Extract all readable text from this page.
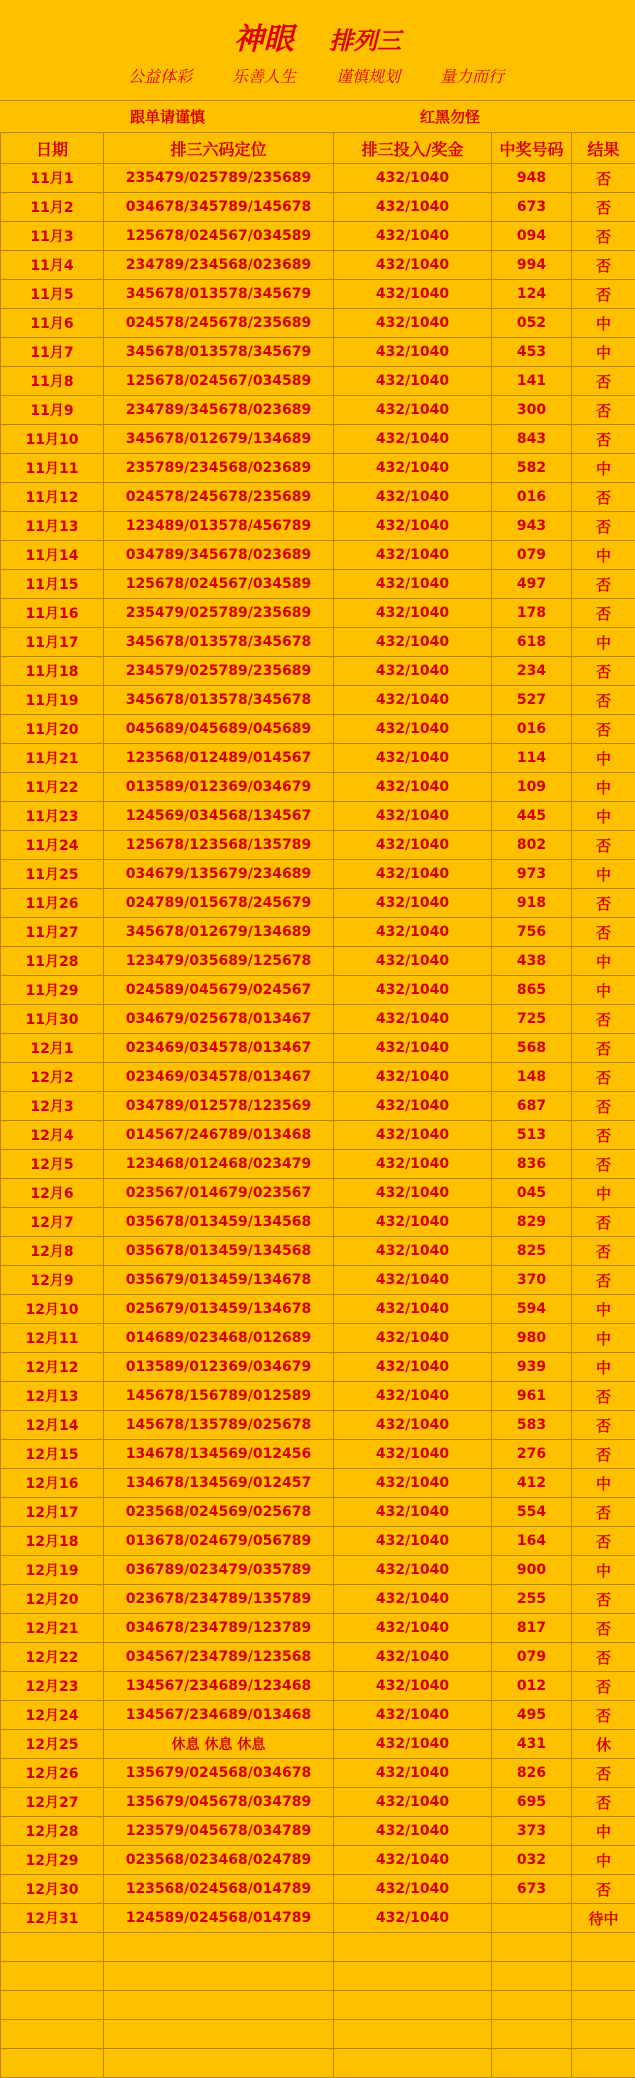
神眼 排列三
公益体彩 乐善人生 谨慎规划 量力而行
跟单请谨慎	红黑勿怪
日期	排三六码定位	排三投入/奖金	中奖号码	结果
11月1	235479/025789/235689	432/1040	948	否
11月2	034678/345789/145678	432/1040	673	否
11月3	125678/024567/034589	432/1040	094	否
11月4	234789/234568/023689	432/1040	994	否
11月5	345678/013578/345679	432/1040	124	否
11月6	024578/245678/235689	432/1040	052	中
11月7	345678/013578/345679	432/1040	453	中
11月8	125678/024567/034589	432/1040	141	否
11月9	234789/345678/023689	432/1040	300	否
11月10	345678/012679/134689	432/1040	843	否
11月11	235789/234568/023689	432/1040	582	中
11月12	024578/245678/235689	432/1040	016	否
11月13	123489/013578/456789	432/1040	943	否
11月14	034789/345678/023689	432/1040	079	中
11月15	125678/024567/034589	432/1040	497	否
11月16	235479/025789/235689	432/1040	178	否
11月17	345678/013578/345678	432/1040	618	中
11月18	234579/025789/235689	432/1040	234	否
11月19	345678/013578/345678	432/1040	527	否
11月20	045689/045689/045689	432/1040	016	否
11月21	123568/012489/014567	432/1040	114	中
11月22	013589/012369/034679	432/1040	109	中
11月23	124569/034568/134567	432/1040	445	中
11月24	125678/123568/135789	432/1040	802	否
11月25	034679/135679/234689	432/1040	973	中
11月26	024789/015678/245679	432/1040	918	否
11月27	345678/012679/134689	432/1040	756	否
11月28	123479/035689/125678	432/1040	438	中
11月29	024589/045679/024567	432/1040	865	中
11月30	034679/025678/013467	432/1040	725	否
12月1	023469/034578/013467	432/1040	568	否
12月2	023469/034578/013467	432/1040	148	否
12月3	034789/012578/123569	432/1040	687	否
12月4	014567/246789/013468	432/1040	513	否
12月5	123468/012468/023479	432/1040	836	否
12月6	023567/014679/023567	432/1040	045	中
12月7	035678/013459/134568	432/1040	829	否
12月8	035678/013459/134568	432/1040	825	否
12月9	035679/013459/134678	432/1040	370	否
12月10	025679/013459/134678	432/1040	594	中
12月11	014689/023468/012689	432/1040	980	中
12月12	013589/012369/034679	432/1040	939	中
12月13	145678/156789/012589	432/1040	961	否
12月14	145678/135789/025678	432/1040	583	否
12月15	134678/134569/012456	432/1040	276	否
12月16	134678/134569/012457	432/1040	412	中
12月17	023568/024569/025678	432/1040	554	否
12月18	013678/024679/056789	432/1040	164	否
12月19	036789/023479/035789	432/1040	900	中
12月20	023678/234789/135789	432/1040	255	否
12月21	034678/234789/123789	432/1040	817	否
12月22	034567/234789/123568	432/1040	079	否
12月23	134567/234689/123468	432/1040	012	否
12月24	134567/234689/013468	432/1040	495	否
12月25	休息 休息 休息	432/1040	431	休
12月26	135679/024568/034678	432/1040	826	否
12月27	135679/045678/034789	432/1040	695	否
12月28	123579/045678/034789	432/1040	373	中
12月29	023568/023468/024789	432/1040	032	中
12月30	123568/024568/014789	432/1040	673	否
12月31	124589/024568/014789	432/1040		待中
